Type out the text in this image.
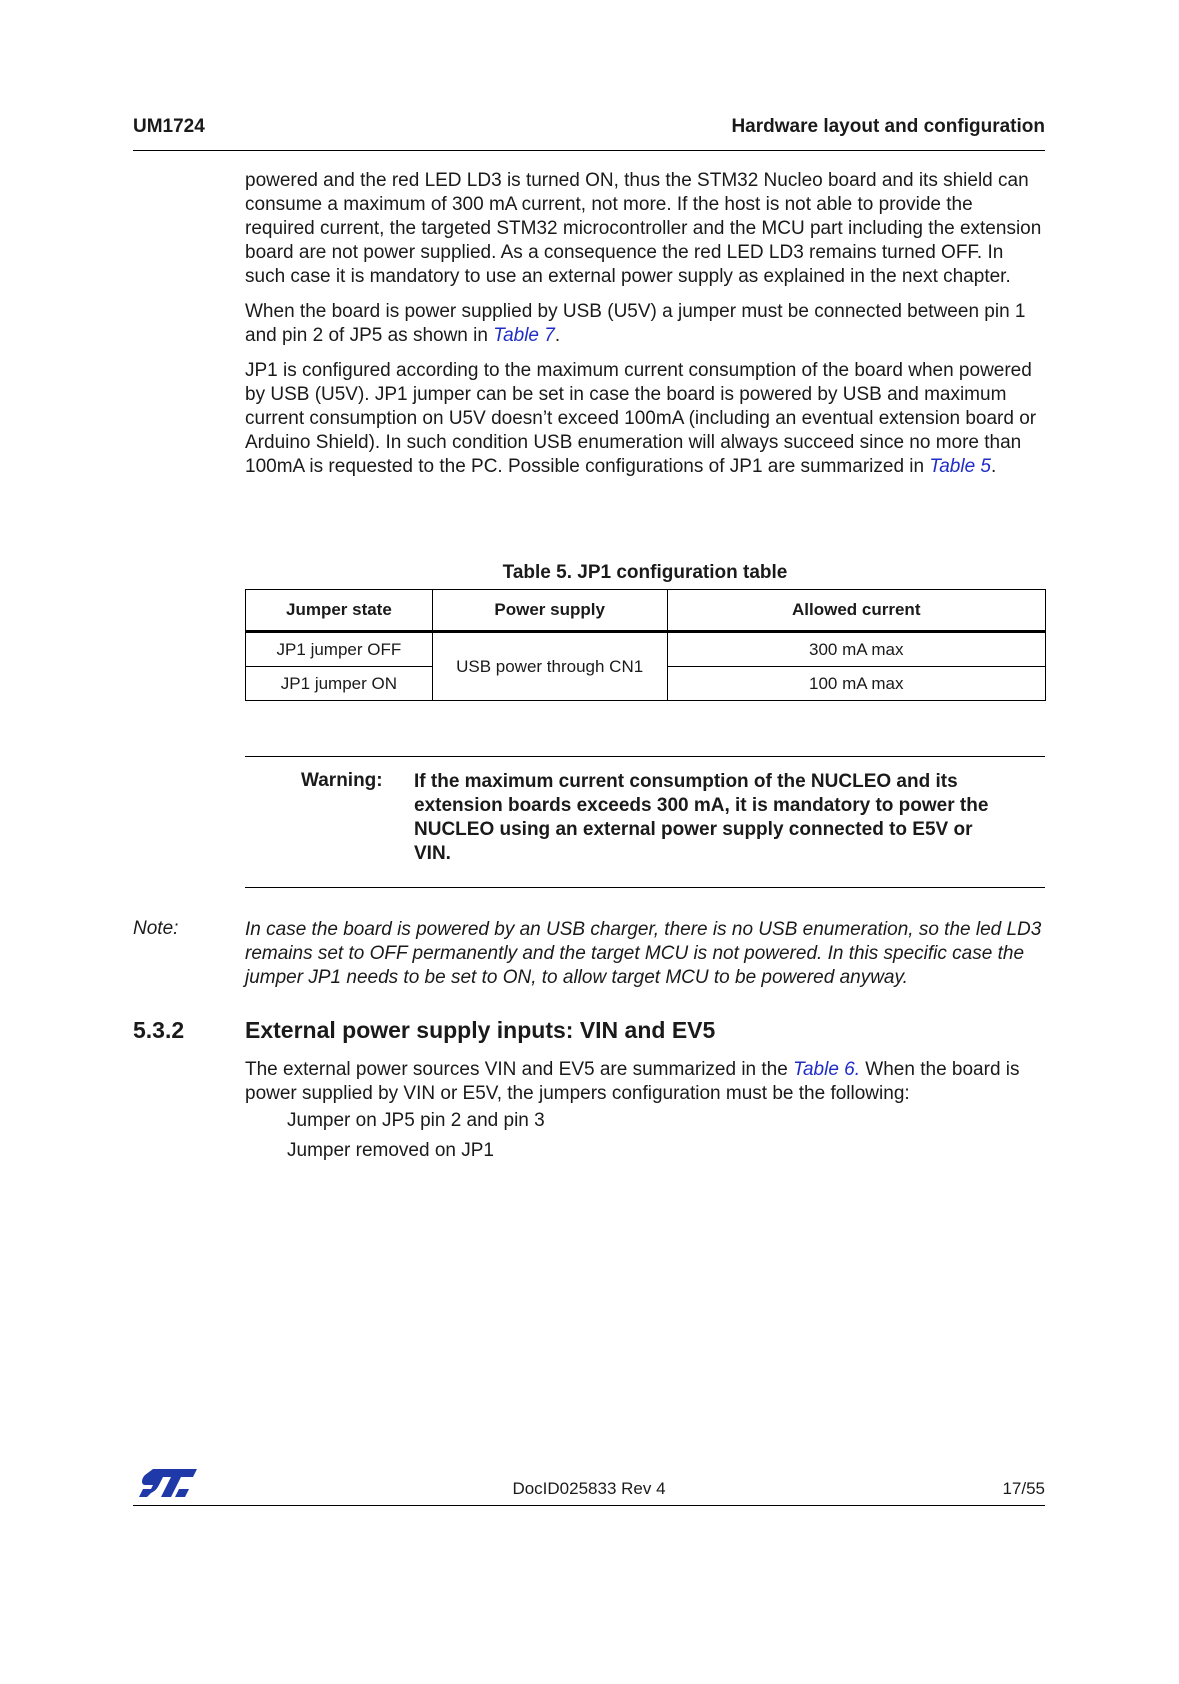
UM1724	Hardware layout and configuration

powered and the red LED LD3 is turned ON, thus the STM32 Nucleo board and its shield can consume a maximum of 300 mA current, not more. If the host is not able to provide the required current, the targeted STM32 microcontroller and the MCU part including the extension board are not power supplied. As a consequence the red LED LD3 remains turned OFF. In such case it is mandatory to use an external power supply as explained in the next chapter.

When the board is power supplied by USB (U5V) a jumper must be connected between pin 1 and pin 2 of JP5 as shown in Table 7.

JP1 is configured according to the maximum current consumption of the board when powered by USB (U5V). JP1 jumper can be set in case the board is powered by USB and maximum current consumption on U5V doesn’t exceed 100mA (including an eventual extension board or Arduino Shield). In such condition USB enumeration will always succeed since no more than 100mA is requested to the PC. Possible configurations of JP1 are summarized in Table 5.

Table 5. JP1 configuration table
Jumper state	Power supply	Allowed current
JP1 jumper OFF	USB power through CN1	300 mA max
JP1 jumper ON		100 mA max
Warning: If the maximum current consumption of the NUCLEO and its extension boards exceeds 300 mA, it is mandatory to power the NUCLEO using an external power supply connected to E5V or VIN.
Note:	In case the board is powered by an USB charger, there is no USB enumeration, so the led LD3 remains set to OFF permanently and the target MCU is not powered. In this specific case the jumper JP1 needs to be set to ON, to allow target MCU to be powered anyway.
5.3.2	External power supply inputs: VIN and EV5
The external power sources VIN and EV5 are summarized in the Table 6. When the board is power supplied by VIN or E5V, the jumpers configuration must be the following:
Jumper on JP5 pin 2 and pin 3
Jumper removed on JP1
DocID025833 Rev 4	17/55
